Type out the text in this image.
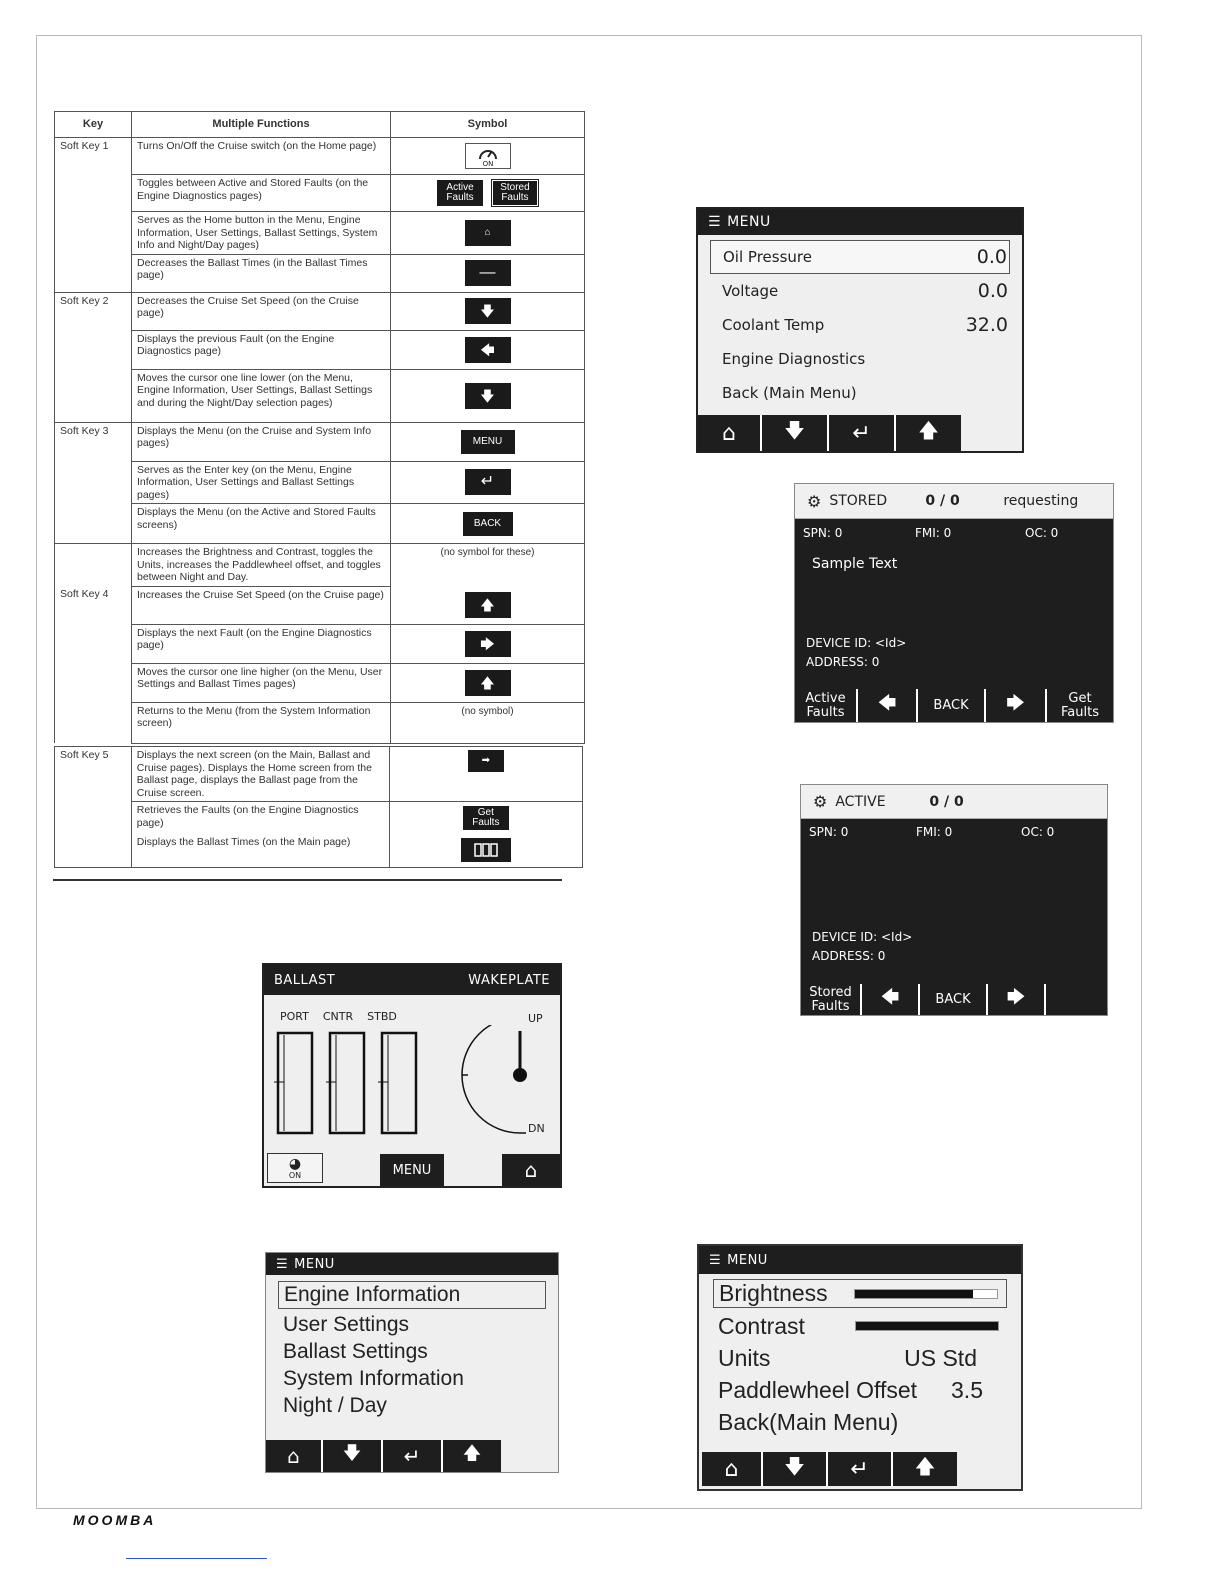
Key	Multiple Functions	Symbol
Soft Key 1	Turns On/Off the Cruise switch (on the Home page)	ON

	Toggles between Active and Stored Faults (on the Engine Diagnostics pages)	Active
Faults

Stored
Faults

	Serves as the Home button in the Menu, Engine Information, User Settings, Ballast Settings, System Info and Night/Day pages)	⌂
	Decreases the Ballast Times (in the Ballast Times page)	—
Soft Key 2	Decreases the Cruise Set Speed (on the Cruise page)	🡇
	Displays the previous Fault (on the Engine Diagnostics page)	🡄
	Moves the cursor one line lower (on the Menu, Engine Information, User Settings, Ballast Settings and during the Night/Day selection pages)	🡇
Soft Key 3	Displays the Menu (on the Cruise and System Info pages)	MENU
	Serves as the Enter key (on the Menu, Engine Information, User Settings and Ballast Settings pages)	↵
	Displays the Menu (on the Active and Stored Faults screens)	BACK
	Increases the Brightness and Contrast, toggles the Units, increases the Paddlewheel offset, and toggles between Night and Day.	(no symbol for these)
Soft Key 4	Increases the Cruise Set Speed (on the Cruise page)	🡅
	Displays the next Fault (on the Engine Diagnostics page)	🡆
	Moves the cursor one line higher (on the Menu, User Settings and Ballast Times pages)	🡅
	Returns to the Menu (from the System Information screen)	(no symbol)
Soft Key 5	Displays the next screen (on the Main, Ballast and Cruise pages). Displays the Home screen from the Ballast page, displays the Ballast page from the Cruise screen.	➡
	Retrieves the Faults (on the Engine Diagnostics page)	Get
Faults

	Displays the Ballast Times (on the Main page)	
☰ MENU
Oil Pressure	0.0
Voltage	0.0
Coolant Temp	32.0
Engine Diagnostics
Back (Main Menu)
⌂ 🡇 ↵ 🡅
⚙ STORED	0 / 0	requesting
SPN: 0	FMI: 0	OC: 0
Sample Text
DEVICE ID: <Id>
ADDRESS: 0
Active
Faults 🡄	BACK	🡆	Get
Faults
⚙ ACTIVE	0 / 0
SPN: 0	FMI: 0	OC: 0
DEVICE ID: <Id>
ADDRESS: 0
Stored
Faults 🡄	BACK	🡆
BALLAST	WAKEPLATE
PORT CNTR STBD	UP
DN
◕
ON	MENU	⌂
☰ MENU
Engine Information
User Settings
Ballast Settings
System Information
Night / Day
⌂ 🡇 ↵ 🡅
☰ MENU
Brightness
Contrast
Units	US Std
Paddlewheel Offset 3.5
Back(Main Menu)
⌂ 🡇 ↵ 🡅
MOOMBA
